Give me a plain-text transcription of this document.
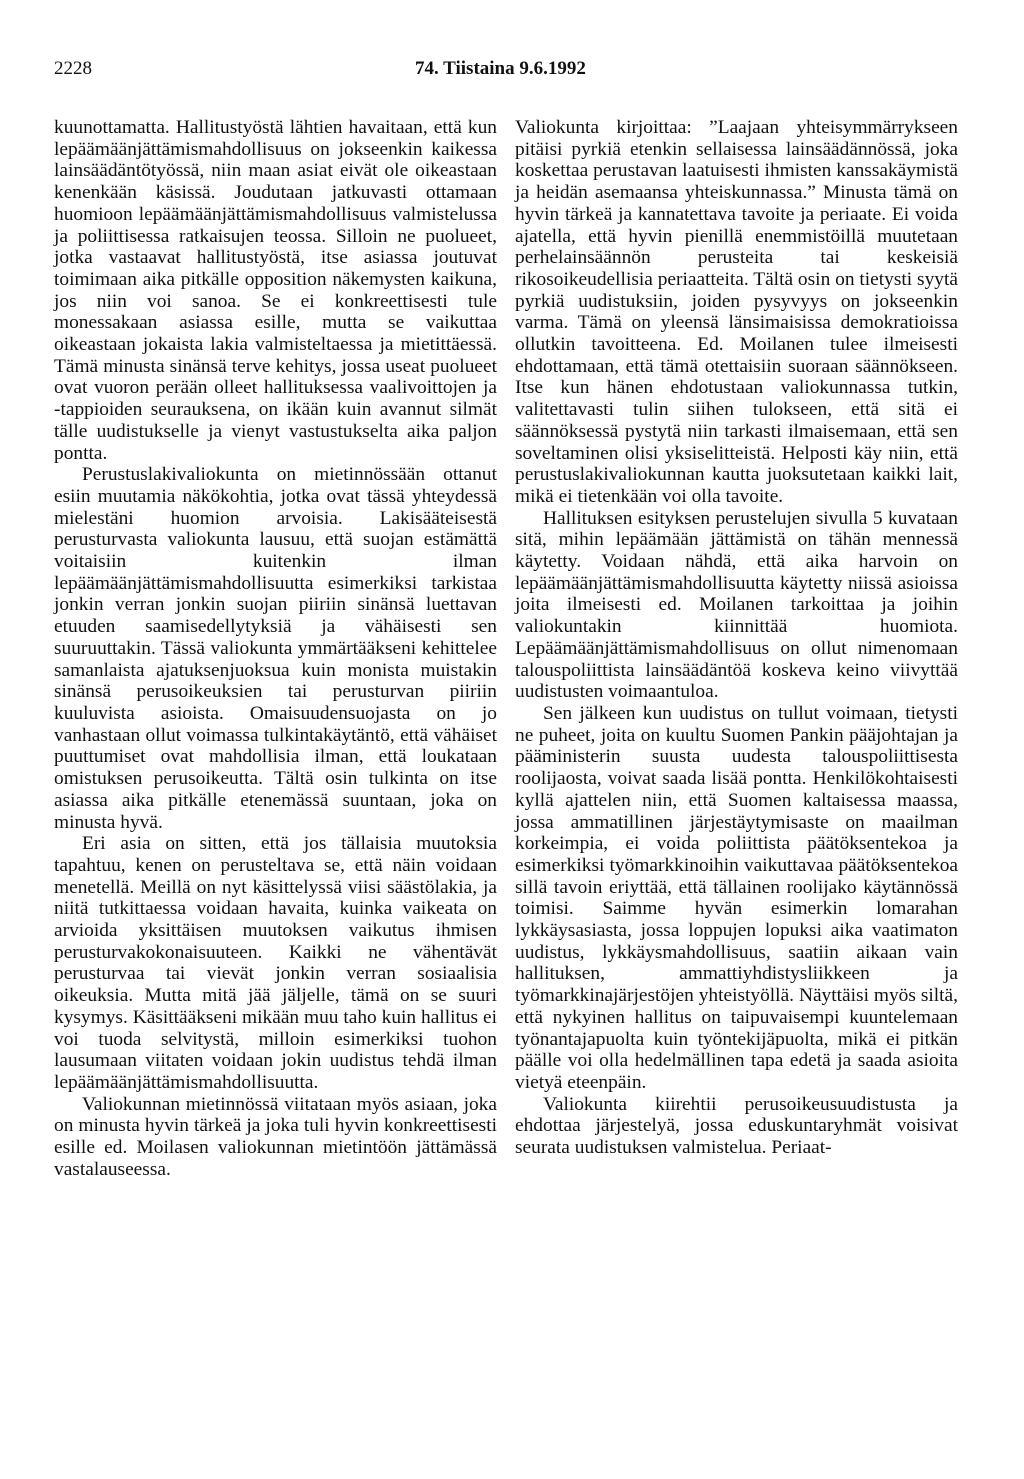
2228	74. Tiistaina 9.6.1992

kuunottamatta. Hallitustyöstä lähtien havaitaan, että kun lepäämäänjättämismahdollisuus on jokseenkin kaikessa lainsäädäntötyössä, niin maan asiat eivät ole oikeastaan kenenkään käsissä. Joudutaan jatkuvasti ottamaan huomioon lepäämäänjättämismahdollisuus valmistelussa ja poliittisessa ratkaisujen teossa. Silloin ne puolueet, jotka vastaavat hallitustyöstä, itse asiassa joutuvat toimimaan aika pitkälle opposition näkemysten kaikuna, jos niin voi sanoa. Se ei konkreettisesti tule monessakaan asiassa esille, mutta se vaikuttaa oikeastaan jokaista lakia valmisteltaessa ja mietittäessä. Tämä minusta sinänsä terve kehitys, jossa useat puolueet ovat vuoron perään olleet hallituksessa vaalivoittojen ja -tappioiden seurauksena, on ikään kuin avannut silmät tälle uudistukselle ja vienyt vastustukselta aika paljon pontta.

Perustuslakivaliokunta on mietinnössään ottanut esiin muutamia näkökohtia, jotka ovat tässä yhteydessä mielestäni huomion arvoisia. Lakisääteisestä perusturvasta valiokunta lausuu, että suojan estämättä voitaisiin kuitenkin ilman lepäämäänjättämismahdollisuutta esimerkiksi tarkistaa jonkin verran jonkin suojan piiriin sinänsä luettavan etuuden saamisedellytyksiä ja vähäisesti sen suuruuttakin. Tässä valiokunta ymmärtääkseni kehittelee samanlaista ajatuksenjuoksua kuin monista muistakin sinänsä perusoikeuksien tai perusturvan piiriin kuuluvista asioista. Omaisuudensuojasta on jo vanhastaan ollut voimassa tulkintakäytäntö, että vähäiset puuttumiset ovat mahdollisia ilman, että loukataan omistuksen perusoikeutta. Tältä osin tulkinta on itse asiassa aika pitkälle etenemässä suuntaan, joka on minusta hyvä.

Eri asia on sitten, että jos tällaisia muutoksia tapahtuu, kenen on perusteltava se, että näin voidaan menetellä. Meillä on nyt käsittelyssä viisi säästölakia, ja niitä tutkittaessa voidaan havaita, kuinka vaikeata on arvioida yksittäisen muutoksen vaikutus ihmisen perusturvakokonaisuuteen. Kaikki ne vähentävät perusturvaa tai vievät jonkin verran sosiaalisia oikeuksia. Mutta mitä jää jäljelle, tämä on se suuri kysymys. Käsittääkseni mikään muu taho kuin hallitus ei voi tuoda selvitystä, milloin esimerkiksi tuohon lausumaan viitaten voidaan jokin uudistus tehdä ilman lepäämäänjättämismahdollisuutta.

Valiokunnan mietinnössä viitataan myös asiaan, joka on minusta hyvin tärkeä ja joka tuli hyvin konkreettisesti esille ed. Moilasen valiokunnan mietintöön jättämässä vastalauseessa.

Valiokunta kirjoittaa: ”Laajaan yhteisymmärrykseen pitäisi pyrkiä etenkin sellaisessa lainsäädännössä, joka koskettaa perustavan laatuisesti ihmisten kanssakäymistä ja heidän asemaansa yhteiskunnassa.” Minusta tämä on hyvin tärkeä ja kannatettava tavoite ja periaate. Ei voida ajatella, että hyvin pienillä enemmistöillä muutetaan perhelainsäännön perusteita tai keskeisiä rikosoikeudellisia periaatteita. Tältä osin on tietysti syytä pyrkiä uudistuksiin, joiden pysyvyys on jokseenkin varma. Tämä on yleensä länsimaisissa demokratioissa ollutkin tavoitteena. Ed. Moilanen tulee ilmeisesti ehdottamaan, että tämä otettaisiin suoraan säännökseen. Itse kun hänen ehdotustaan valiokunnassa tutkin, valitettavasti tulin siihen tulokseen, että sitä ei säännöksessä pystytä niin tarkasti ilmaisemaan, että sen soveltaminen olisi yksiselitteistä. Helposti käy niin, että perustuslakivaliokunnan kautta juoksutetaan kaikki lait, mikä ei tietenkään voi olla tavoite.

Hallituksen esityksen perustelujen sivulla 5 kuvataan sitä, mihin lepäämään jättämistä on tähän mennessä käytetty. Voidaan nähdä, että aika harvoin on lepäämäänjättämismahdollisuutta käytetty niissä asioissa joita ilmeisesti ed. Moilanen tarkoittaa ja joihin valiokuntakin kiinnittää huomiota. Lepäämäänjättämismahdollisuus on ollut nimenomaan talouspoliittista lainsäädäntöä koskeva keino viivyttää uudistusten voimaantuloa.

Sen jälkeen kun uudistus on tullut voimaan, tietysti ne puheet, joita on kuultu Suomen Pankin pääjohtajan ja pääministerin suusta uudesta talouspoliittisesta roolijaosta, voivat saada lisää pontta. Henkilökohtaisesti kyllä ajattelen niin, että Suomen kaltaisessa maassa, jossa ammatillinen järjestäytymisaste on maailman korkeimpia, ei voida poliittista päätöksentekoa ja esimerkiksi työmarkkinoihin vaikuttavaa päätöksentekoa sillä tavoin eriyttää, että tällainen roolijako käytännössä toimisi. Saimme hyvän esimerkin lomarahan lykkäysasiasta, jossa loppujen lopuksi aika vaatimaton uudistus, lykkäysmahdollisuus, saatiin aikaan vain hallituksen, ammattiyhdistysliikkeen ja työmarkkinajärjestöjen yhteistyöllä. Näyttäisi myös siltä, että nykyinen hallitus on taipuvaisempi kuuntelemaan työnantajapuolta kuin työntekijäpuolta, mikä ei pitkän päälle voi olla hedelmällinen tapa edetä ja saada asioita vietyä eteenpäin.

Valiokunta kiirehtii perusoikeusuudistusta ja ehdottaa järjestelyä, jossa eduskuntaryhmät voisivat seurata uudistuksen valmistelua. Periaat-
